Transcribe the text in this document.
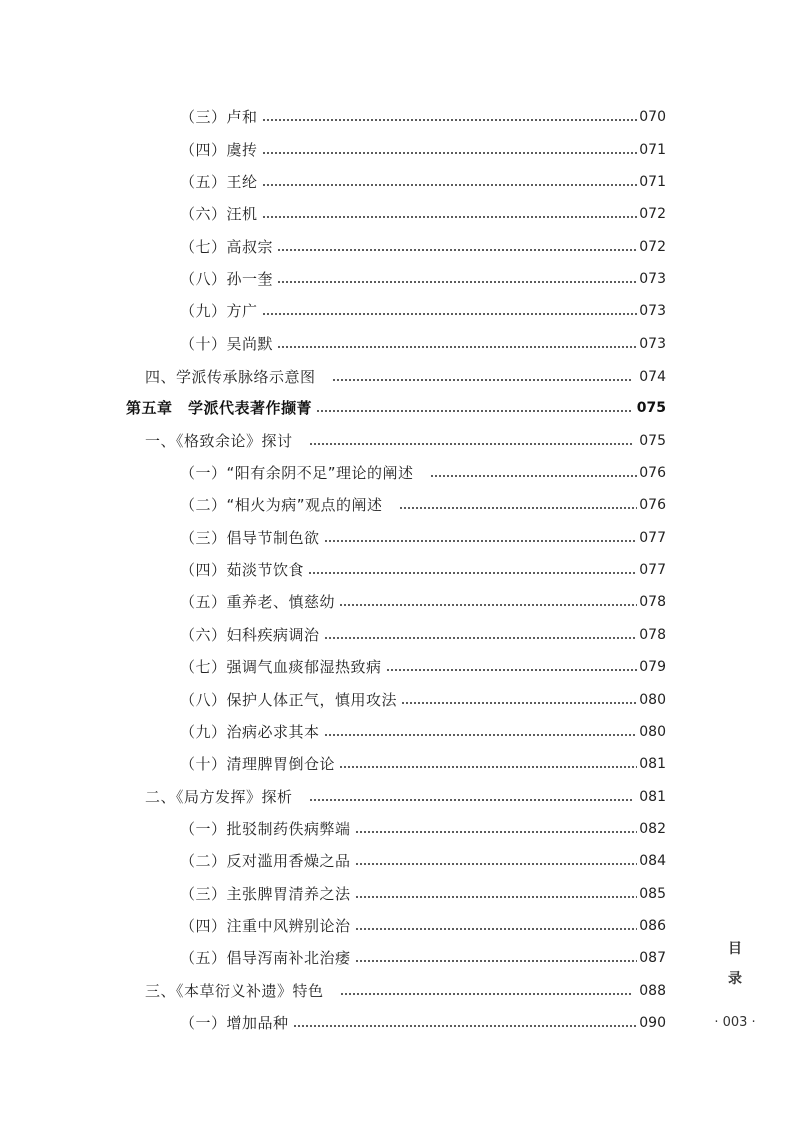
（三）卢和	070
（四）虞抟	071
（五）王纶	071
（六）汪机	072
（七）高叔宗	072
（八）孙一奎	073
（九）方广	073
（十）吴尚默	073
四、学派传承脉络示意图	074
第五章　学派代表著作撷菁	075
一、《格致余论》探讨	075
（一）“阳有余阴不足”理论的阐述	076
（二）“相火为病”观点的阐述	076
（三）倡导节制色欲	077
（四）茹淡节饮食	077
（五）重养老、慎慈幼	078
（六）妇科疾病调治	078
（七）强调气血痰郁湿热致病	079
（八）保护人体正气，慎用攻法	080
（九）治病必求其本	080
（十）清理脾胃倒仓论	081
二、《局方发挥》探析	081
（一）批驳制药佚病弊端	082
（二）反对滥用香燥之品	084
（三）主张脾胃清养之法	085
（四）注重中风辨别论治	086
（五）倡导泻南补北治痿	087
三、《本草衍义补遗》特色	088
（一）增加品种	090
目
录
· 003 ·
